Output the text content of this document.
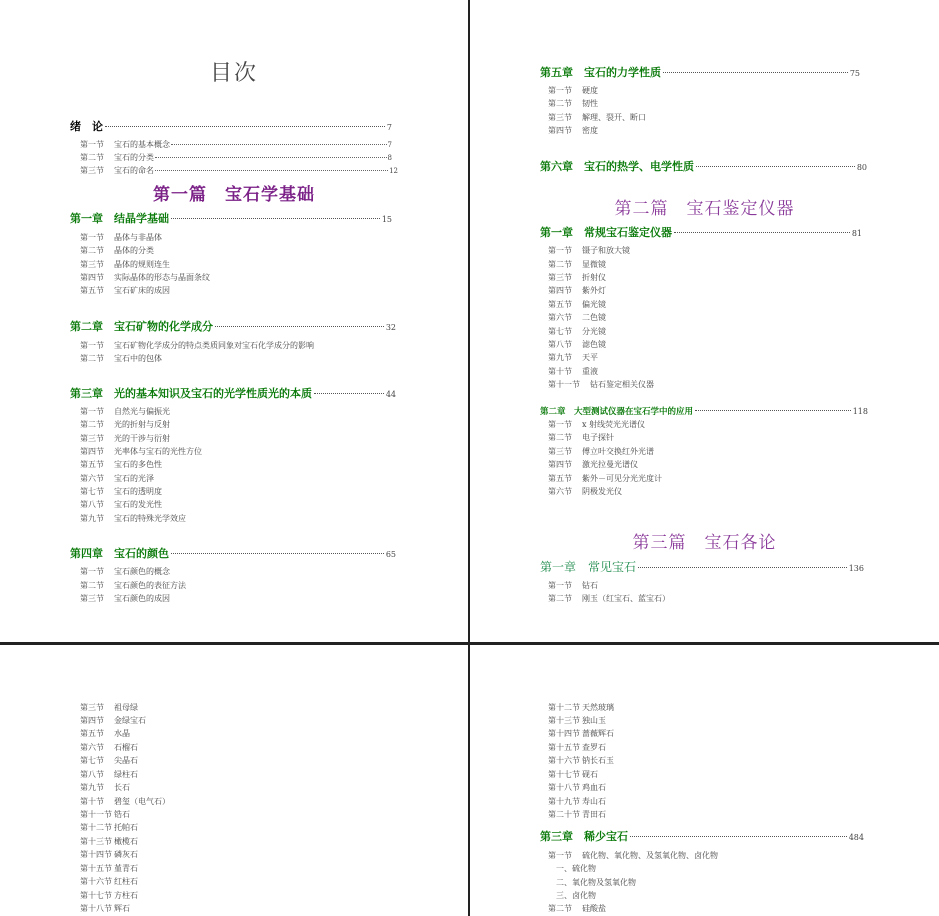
目次
绪　论	7
第一节	宝石的基本概念	7
第二节	宝石的分类	8
第三节	宝石的命名	12
第一篇　宝石学基础
第一章　结晶学基础	15
第一节 晶体与非晶体
第二节 晶体的分类
第三节 晶体的规则连生
第四节 实际晶体的形态与晶面条纹
第五节 宝石矿床的成因
第二章　宝石矿物的化学成分	32
第一节 宝石矿物化学成分的特点类质同象对宝石化学成分的影响
第二节 宝石中的包体
第三章　光的基本知识及宝石的光学性质光的本质	44
第一节 自然光与偏振光
第二节 光的折射与反射
第三节 光的干涉与衍射
第四节 光率体与宝石的光性方位
第五节 宝石的多色性
第六节 宝石的光泽
第七节 宝石的透明度
第八节 宝石的发光性
第九节 宝石的特殊光学效应
第四章　宝石的颜色	65
第一节 宝石颜色的概念
第二节 宝石颜色的表征方法
第三节 宝石颜色的成因
第五章　宝石的力学性质	75
第一节 硬度
第二节 韧性
第三节 解理、裂开、断口
第四节 密度
第六章　宝石的热学、电学性质	80
第二篇　宝石鉴定仪器
第一章　常规宝石鉴定仪器	81
第一节 镊子和放大镜
第二节 显微镜
第三节 折射仪
第四节 紫外灯
第五节 偏光镜
第六节 二色镜
第七节 分光镜
第八节 滤色镜
第九节 天平
第十节 重液
第十一节 钻石鉴定相关仪器
第二章　大型测试仪器在宝石学中的应用	118
第一节 x 射线荧光光谱仪
第二节 电子探针
第三节 傅立叶交换红外光谱
第四节 激光拉曼光谱仪
第五节 紫外－可见分光光度计
第六节 阴极发光仪
第三篇　宝石各论
第一章　常见宝石	136
第一节 钻石
第二节 刚玉（红宝石、蓝宝石）
第三节 祖母绿
第四节 金绿宝石
第五节 水晶
第六节 石榴石
第七节 尖晶石
第八节 绿柱石
第九节 长石
第十节 碧玺（电气石）
第十一节 锆石
第十二节 托帕石
第十三节 橄榄石
第十四节 磷灰石
第十五节 堇青石
第十六节 红柱石
第十七节 方柱石
第十八节 辉石
第十二节 天然玻璃
第十三节 独山玉
第十四节 蔷薇辉石
第十五节 查罗石
第十六节 钠长石玉
第十七节 砚石
第十八节 鸡血石
第十九节 寿山石
第二十节 青田石
第三章　稀少宝石	484
第一节 硫化物、氧化物、及氢氧化物、卤化物
一、硫化物
二、氧化物及氢氧化物
三、卤化物
第二节 硅酸盐
